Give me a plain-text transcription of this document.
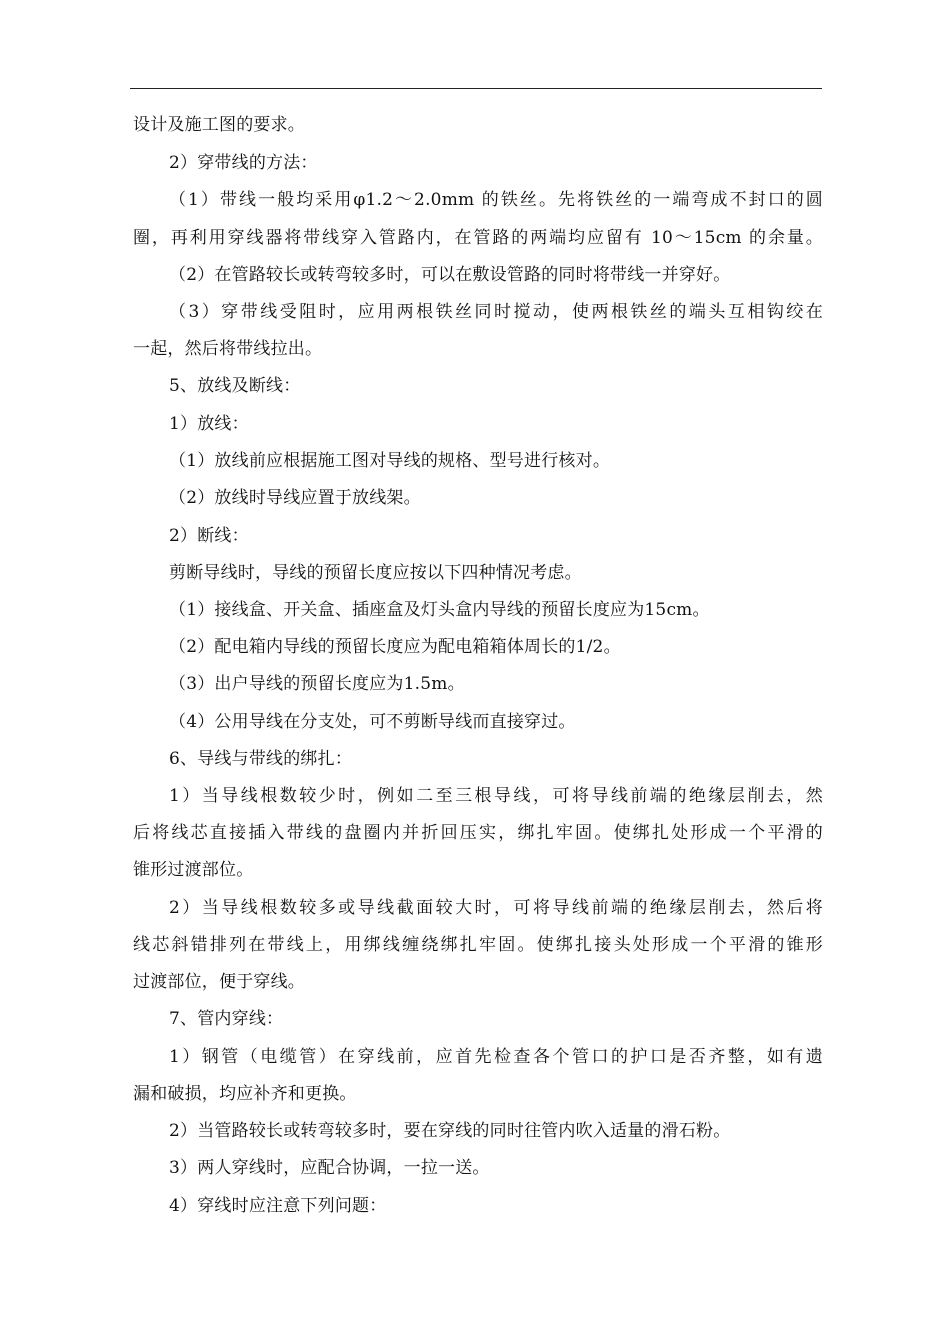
设计及施工图的要求。
2）穿带线的方法：
（1）带线一般均采用φ1.2～2.0mm 的铁丝。先将铁丝的一端弯成不封口的圆
圈，再利用穿线器将带线穿入管路内，在管路的两端均应留有 10～15cm 的余量。
（2）在管路较长或转弯较多时，可以在敷设管路的同时将带线一并穿好。
（3）穿带线受阻时，应用两根铁丝同时搅动，使两根铁丝的端头互相钩绞在
一起，然后将带线拉出。
5、放线及断线：
1）放线：
（1）放线前应根据施工图对导线的规格、型号进行核对。
（2）放线时导线应置于放线架。
2）断线：
剪断导线时，导线的预留长度应按以下四种情况考虑。
（1）接线盒、开关盒、插座盒及灯头盒内导线的预留长度应为15cm。
（2）配电箱内导线的预留长度应为配电箱箱体周长的1/2。
（3）出户导线的预留长度应为1.5m。
（4）公用导线在分支处，可不剪断导线而直接穿过。
6、导线与带线的绑扎：
1）当导线根数较少时，例如二至三根导线，可将导线前端的绝缘层削去，然
后将线芯直接插入带线的盘圈内并折回压实，绑扎牢固。使绑扎处形成一个平滑的
锥形过渡部位。
2）当导线根数较多或导线截面较大时，可将导线前端的绝缘层削去，然后将
线芯斜错排列在带线上，用绑线缠绕绑扎牢固。使绑扎接头处形成一个平滑的锥形
过渡部位，便于穿线。
7、管内穿线：
1）钢管（电缆管）在穿线前，应首先检查各个管口的护口是否齐整，如有遗
漏和破损，均应补齐和更换。
2）当管路较长或转弯较多时，要在穿线的同时往管内吹入适量的滑石粉。
3）两人穿线时，应配合协调，一拉一送。
4）穿线时应注意下列问题：
